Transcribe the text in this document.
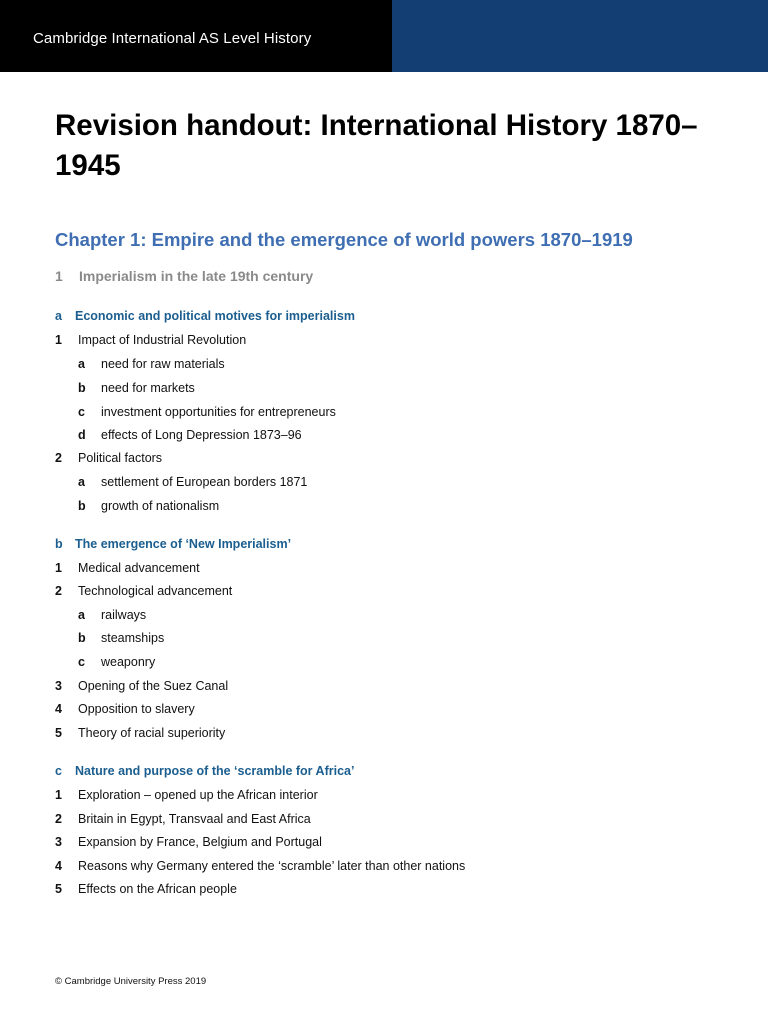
Cambridge International AS Level History
Revision handout: International History 1870–1945
Chapter 1: Empire and the emergence of world powers 1870–1919
1 Imperialism in the late 19th century
a Economic and political motives for imperialism
1 Impact of Industrial Revolution
a need for raw materials
b need for markets
c investment opportunities for entrepreneurs
d effects of Long Depression 1873–96
2 Political factors
a settlement of European borders 1871
b growth of nationalism
b The emergence of ‘New Imperialism’
1 Medical advancement
2 Technological advancement
a railways
b steamships
c weaponry
3 Opening of the Suez Canal
4 Opposition to slavery
5 Theory of racial superiority
c Nature and purpose of the ‘scramble for Africa’
1 Exploration – opened up the African interior
2 Britain in Egypt, Transvaal and East Africa
3 Expansion by France, Belgium and Portugal
4 Reasons why Germany entered the ‘scramble’ later than other nations
5 Effects on the African people
© Cambridge University Press 2019
